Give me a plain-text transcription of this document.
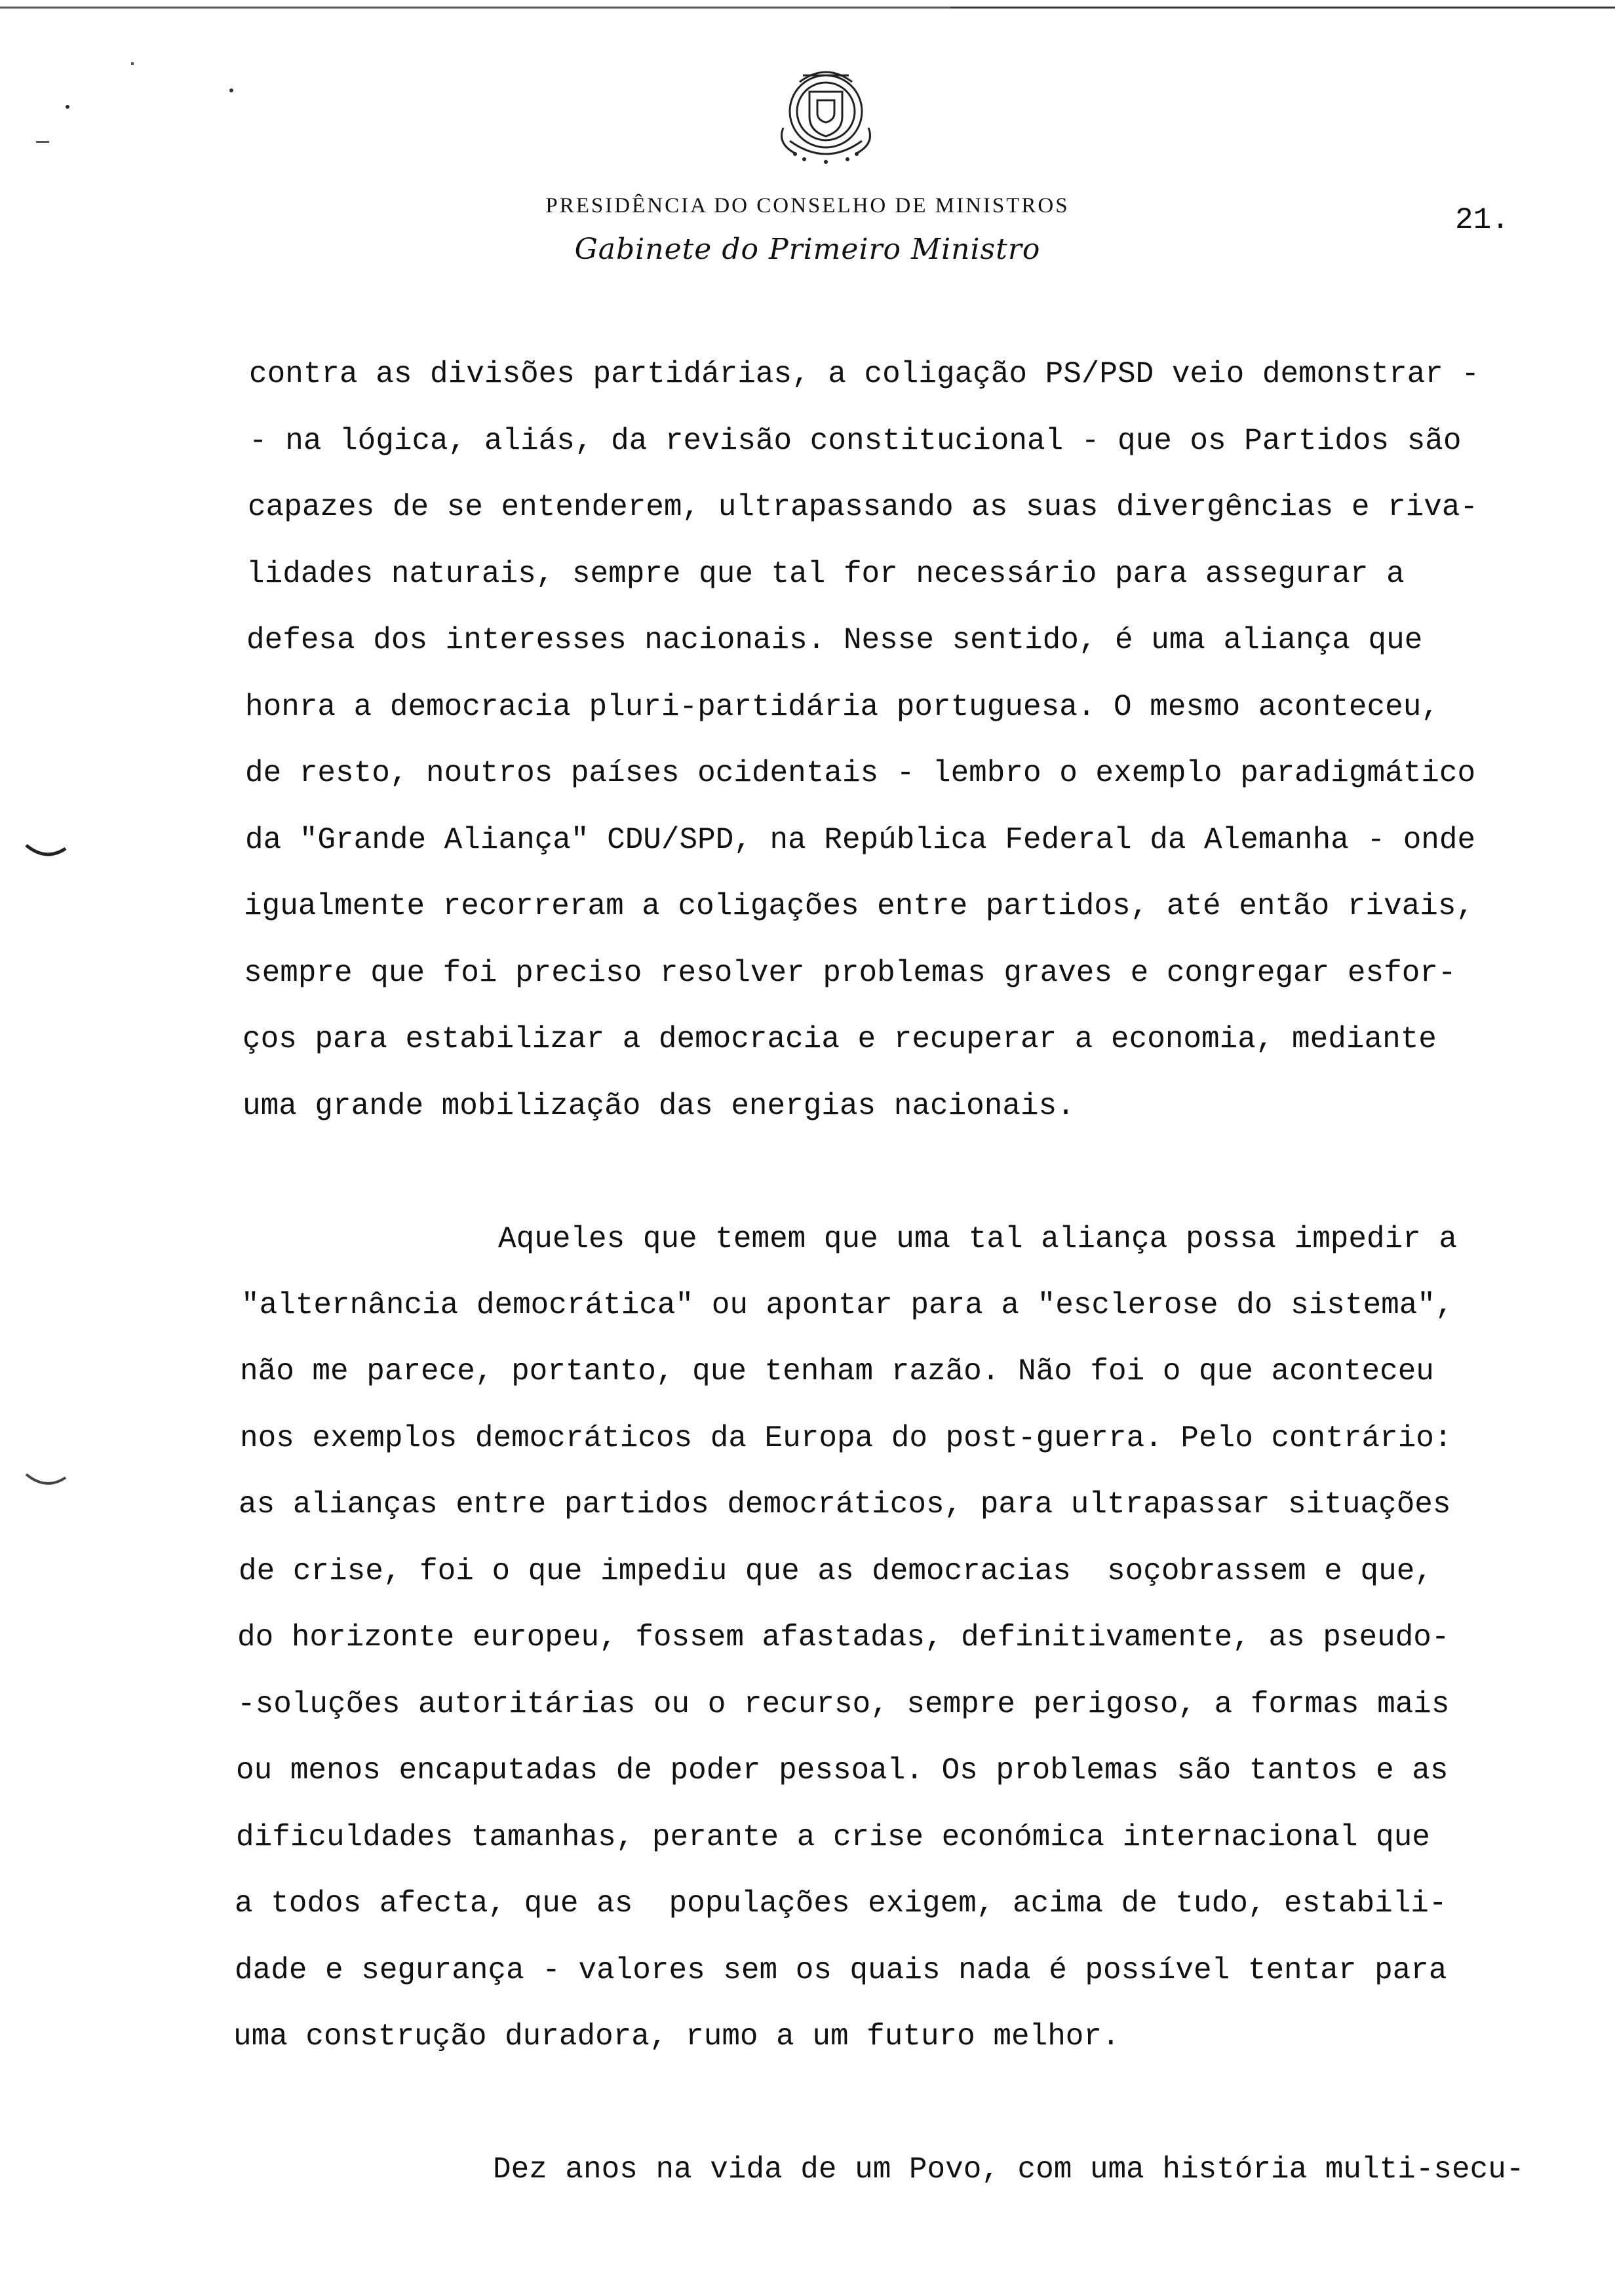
PRESIDÊNCIA DO CONSELHO DE MINISTROS
Gabinete do Primeiro Ministro
21.
contra as divisões partidárias, a coligação PS/PSD veio demonstrar -
- na lógica, aliás, da revisão constitucional - que os Partidos são
capazes de se entenderem, ultrapassando as suas divergências e riva-
lidades naturais, sempre que tal for necessário para assegurar a
defesa dos interesses nacionais. Nesse sentido, é uma aliança que
honra a democracia pluri-partidária portuguesa. O mesmo aconteceu,
de resto, noutros países ocidentais - lembro o exemplo paradigmático
da "Grande Aliança" CDU/SPD, na República Federal da Alemanha - onde
igualmente recorreram a coligações entre partidos, até então rivais,
sempre que foi preciso resolver problemas graves e congregar esfor-
ços para estabilizar a democracia e recuperar a economia, mediante
uma grande mobilização das energias nacionais.
Aqueles que temem que uma tal aliança possa impedir a
"alternância democrática" ou apontar para a "esclerose do sistema",
não me parece, portanto, que tenham razão. Não foi o que aconteceu
nos exemplos democráticos da Europa do post-guerra. Pelo contrário:
as alianças entre partidos democráticos, para ultrapassar situações
de crise, foi o que impediu que as democracias  soçobrassem e que,
do horizonte europeu, fossem afastadas, definitivamente, as pseudo-
-soluções autoritárias ou o recurso, sempre perigoso, a formas mais
ou menos encaputadas de poder pessoal. Os problemas são tantos e as
dificuldades tamanhas, perante a crise económica internacional que
a todos afecta, que as  populações exigem, acima de tudo, estabili-
dade e segurança - valores sem os quais nada é possível tentar para
uma construção duradora, rumo a um futuro melhor.
Dez anos na vida de um Povo, com uma história multi-secu-
